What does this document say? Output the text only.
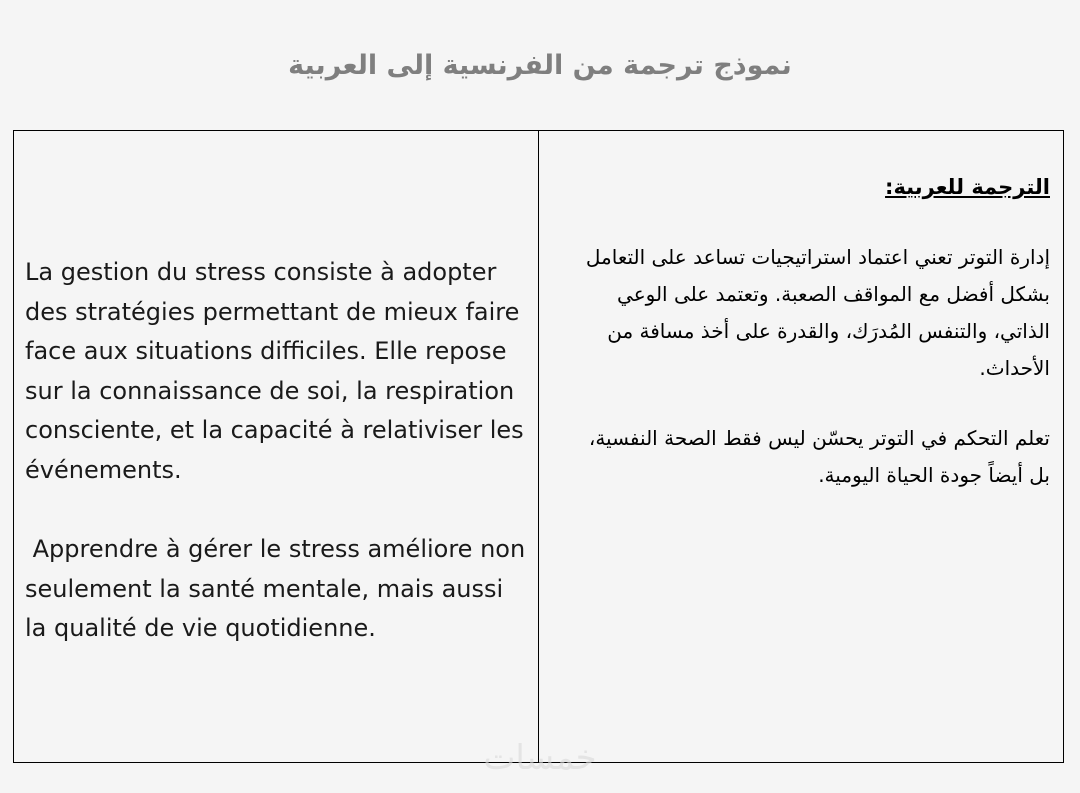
نموذج ترجمة من الفرنسية إلى العربية

La gestion du stress consiste à adopter des stratégies permettant de mieux faire face aux situations difficiles. Elle repose sur la connaissance de soi, la respiration consciente, et la capacité à relativiser les événements.

Apprendre à gérer le stress améliore non seulement la santé mentale, mais aussi la qualité de vie quotidienne.

الترجمة للعربية:

إدارة التوتر تعني اعتماد استراتيجيات تساعد على التعامل بشكل أفضل مع المواقف الصعبة. وتعتمد على الوعي الذاتي، والتنفس المُدرَك، والقدرة على أخذ مسافة من الأحداث.

تعلم التحكم في التوتر يحسّن ليس فقط الصحة النفسية، بل أيضاً جودة الحياة اليومية.

خمسات
